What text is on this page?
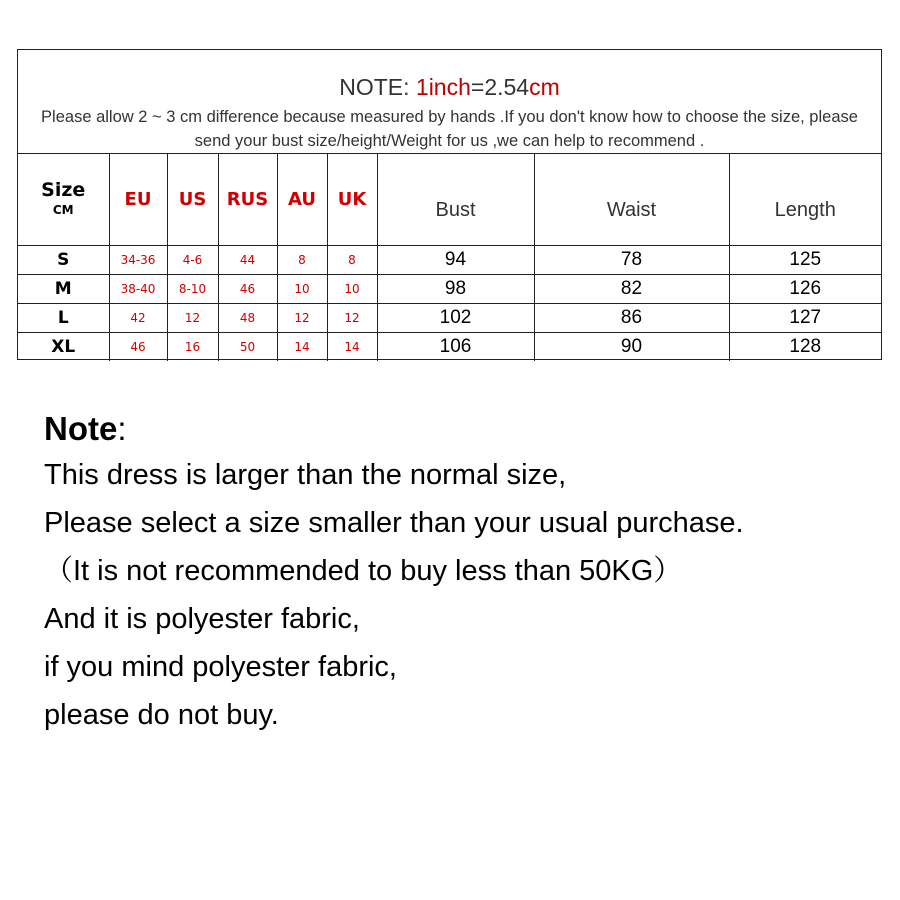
NOTE: 1inch=2.54cm
Please allow 2 ~ 3 cm difference because measured by hands .If you don't know how to choose the size, please send your bust size/height/Weight for us ,we can help to recommend .
Size
CM	EU	US	RUS	AU	UK	Bust	Waist	Length
S	34-36	4-6	44	8	8	94	78	125
M	38-40	8-10	46	10	10	98	82	126
L	42	12	48	12	12	102	86	127
XL	46	16	50	14	14	106	90	128
Note:
This dress is larger than the normal size,
Please select a size smaller than your usual purchase.
（It is not recommended to buy less than 50KG）
And it is polyester fabric,
if you mind polyester fabric,
please do not buy.
